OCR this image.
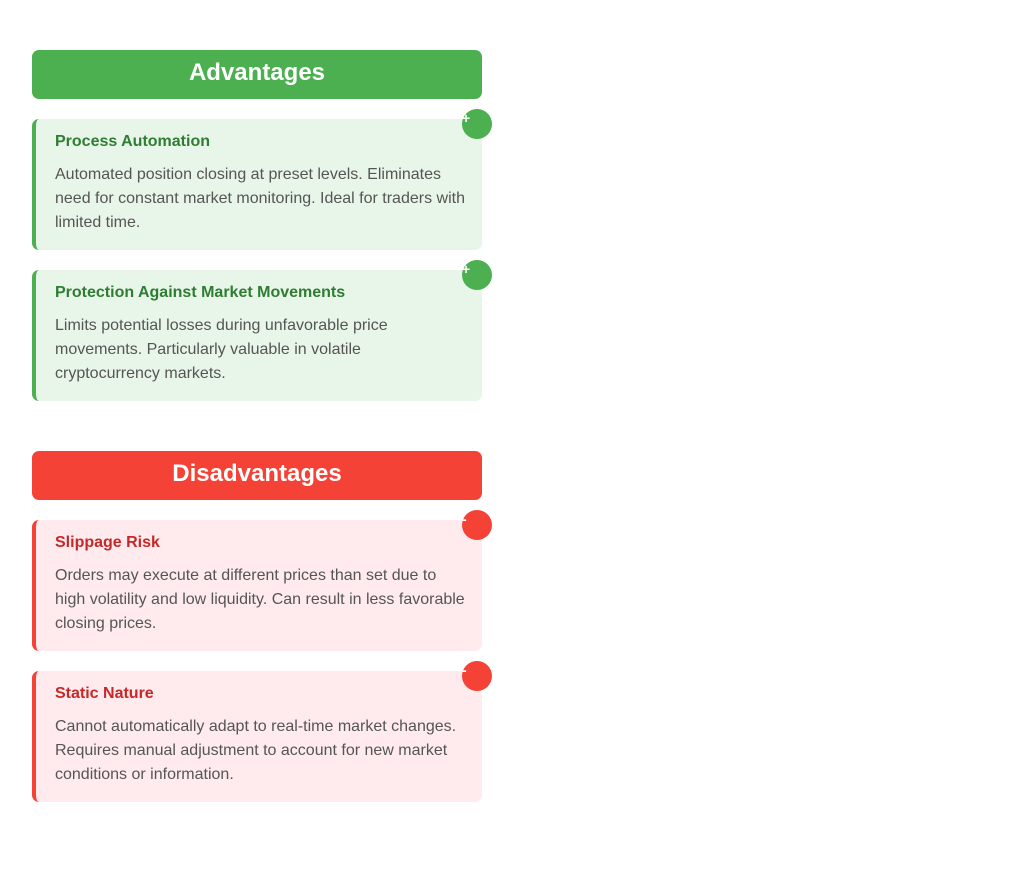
Advantages
+
Process Automation
Automated position closing at preset levels. Eliminates need for constant market monitoring. Ideal for traders with limited time.
+
Protection Against Market Movements
Limits potential losses during unfavorable price movements. Particularly valuable in volatile cryptocurrency markets.
Disadvantages
-
Slippage Risk
Orders may execute at different prices than set due to high volatility and low liquidity. Can result in less favorable closing prices.
-
Static Nature
Cannot automatically adapt to real-time market changes. Requires manual adjustment to account for new market conditions or information.
